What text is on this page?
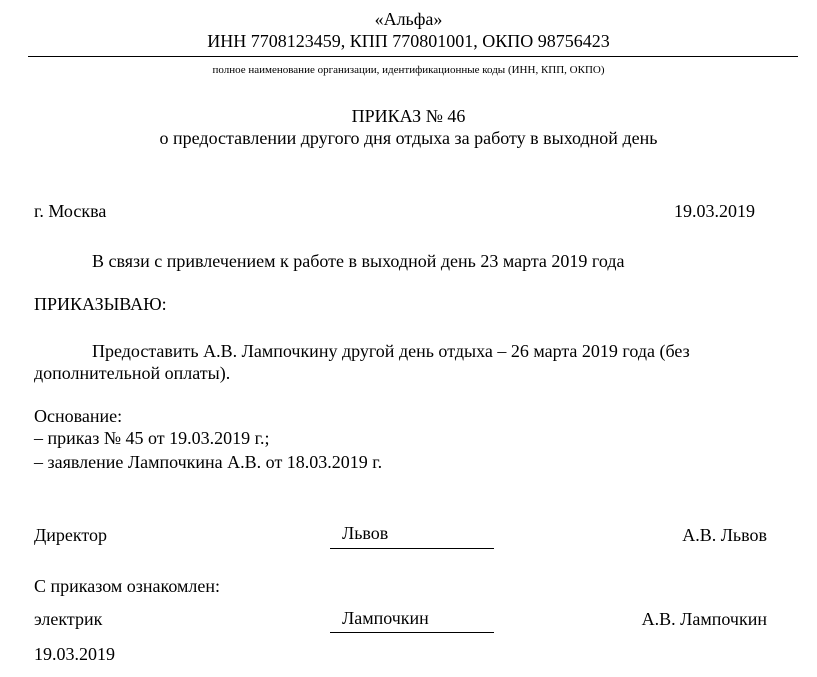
«Альфа»
ИНН 7708123459, КПП 770801001, ОКПО 98756423
полное наименование организации, идентификационные коды (ИНН, КПП, ОКПО)
ПРИКАЗ № 46
о предоставлении другого дня отдыха за работу в выходной день
г. Москва	19.03.2019
В связи с привлечением к работе в выходной день 23 марта 2019 года
ПРИКАЗЫВАЮ:
Предоставить А.В. Лампочкину другой день отдыха – 26 марта 2019 года (без
дополнительной оплаты).
Основание:
– приказ № 45 от 19.03.2019 г.;
– заявление Лампочкина А.В. от 18.03.2019 г.
Директор	Львов	А.В. Львов
С приказом ознакомлен:
электрик	Лампочкин	А.В. Лампочкин
19.03.2019
